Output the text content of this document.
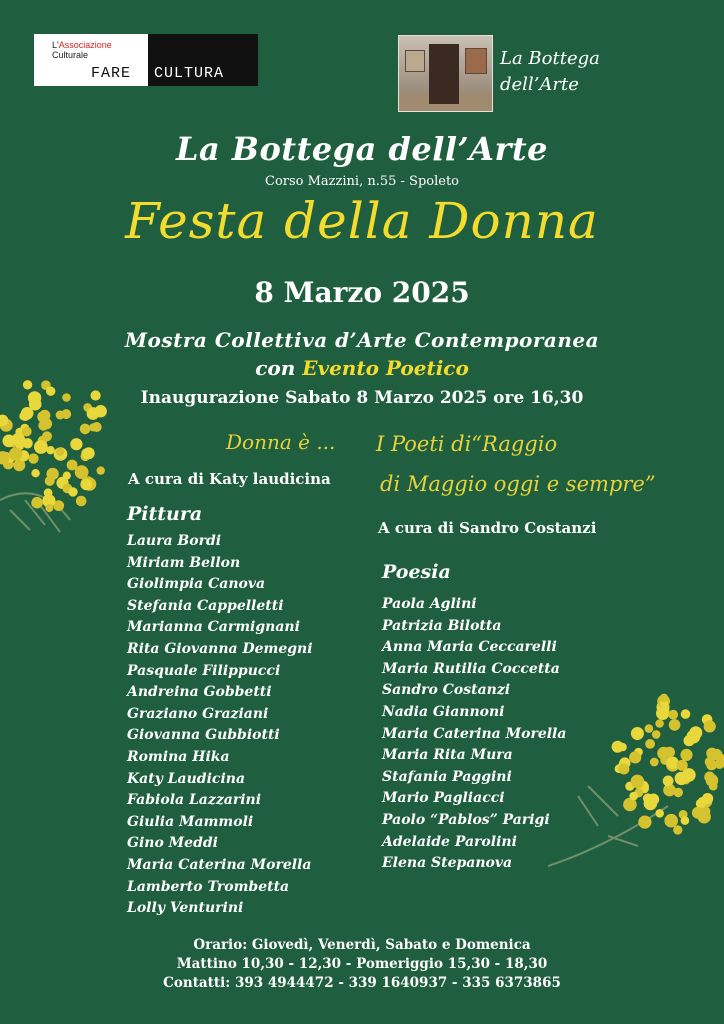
L'Associazione
Culturale
FARE CULTURA
La Bottega
dell’Arte
La Bottega dell’Arte
Corso Mazzini, n.55 - Spoleto
Festa della Donna
8 Marzo 2025
Mostra Collettiva d’Arte Contemporanea
con Evento Poetico
Inaugurazione Sabato 8 Marzo 2025 ore 16,30
Donna è ...
A cura di Katy laudicina
Pittura
Laura Bordi
Miriam Bellon
Giolimpia Canova
Stefania Cappelletti
Marianna Carmignani
Rita Giovanna Demegni
Pasquale Filippucci
Andreina Gobbetti
Graziano Graziani
Giovanna Gubbiotti
Romina Hika
Katy Laudicina
Fabiola Lazzarini
Giulia Mammoli
Gino Meddi
Maria Caterina Morella
Lamberto Trombetta
Lolly Venturini
I Poeti di“Raggio
di Maggio oggi e sempre”
A cura di Sandro Costanzi
Poesia
Paola Aglini
Patrizia Bilotta
Anna Maria Ceccarelli
Maria Rutilia Coccetta
Sandro Costanzi
Nadia Giannoni
Maria Caterina Morella
Maria Rita Mura
Stafania Paggini
Mario Pagliacci
Paolo “Pablos” Parigi
Adelaide Parolini
Elena Stepanova
Orario: Giovedì, Venerdì, Sabato e Domenica
Mattino 10,30 - 12,30 - Pomeriggio 15,30 - 18,30
Contatti: 393 4944472 - 339 1640937 - 335 6373865
